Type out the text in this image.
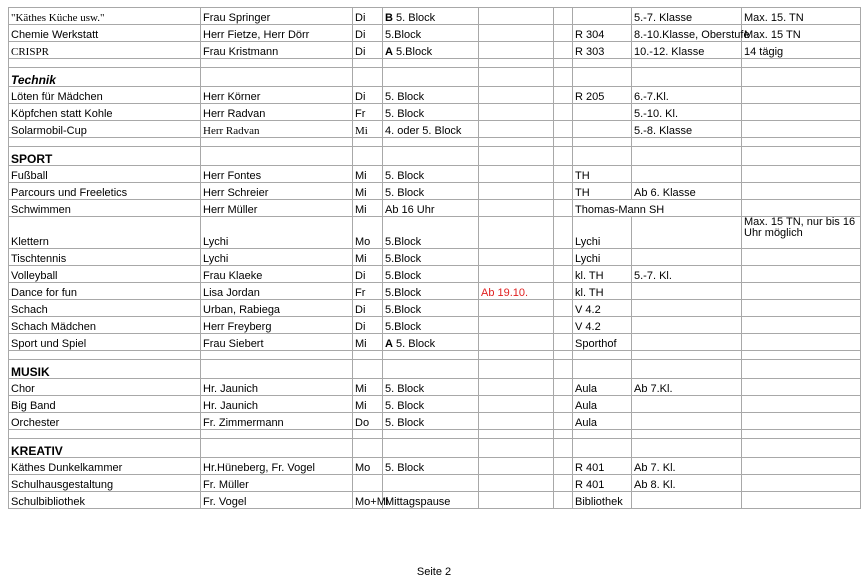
"Käthes Küche usw."	Frau Springer	Di	B 5. Block				5.-7. Klasse	Max. 15. TN
Chemie Werkstatt	Herr Fietze, Herr Dörr	Di	5.Block			R 304	8.-10.Klasse, Oberstufe	Max. 15 TN
CRISPR	Frau Kristmann	Di	A 5.Block			R 303	10.-12. Klasse	14 tägig

Technik								
Löten für Mädchen	Herr Körner	Di	5. Block			R 205	6.-7.Kl.	
Köpfchen statt Kohle	Herr Radvan	Fr	5. Block				5.-10. Kl.	
Solarmobil-Cup	Herr Radvan	Mi	4. oder 5. Block				5.-8. Klasse	

SPORT								
Fußball	Herr Fontes	Mi	5. Block			TH		
Parcours und Freeletics	Herr Schreier	Mi	5. Block			TH	Ab 6. Klasse	
Schwimmen	Herr Müller	Mi	Ab 16 Uhr			Thomas-Mann SH		
Klettern	Lychi	Mo	5.Block			Lychi		Max. 15 TN, nur bis 16 Uhr möglich
Tischtennis	Lychi	Mi	5.Block			Lychi		
Volleyball	Frau Klaeke	Di	5.Block			kl. TH	5.-7. Kl.	
Dance for fun	Lisa Jordan	Fr	5.Block	Ab 19.10.		kl. TH		
Schach	Urban, Rabiega	Di	5.Block			V 4.2		
Schach Mädchen	Herr Freyberg	Di	5.Block			V 4.2		
Sport und Spiel	Frau Siebert	Mi	A 5. Block			Sporthof		

MUSIK								
Chor	Hr. Jaunich	Mi	5. Block			Aula	Ab 7.Kl.	
Big Band	Hr. Jaunich	Mi	5. Block			Aula		
Orchester	Fr. Zimmermann	Do	5. Block			Aula		

KREATIV								
Käthes Dunkelkammer	Hr.Hüneberg, Fr. Vogel	Mo	5. Block			R 401	Ab 7. Kl.	
Schulhausgestaltung	Fr. Müller					R 401	Ab 8. Kl.	
Schulbibliothek	Fr. Vogel	Mo+Mi	Mittagspause			Bibliothek		
Seite 2
